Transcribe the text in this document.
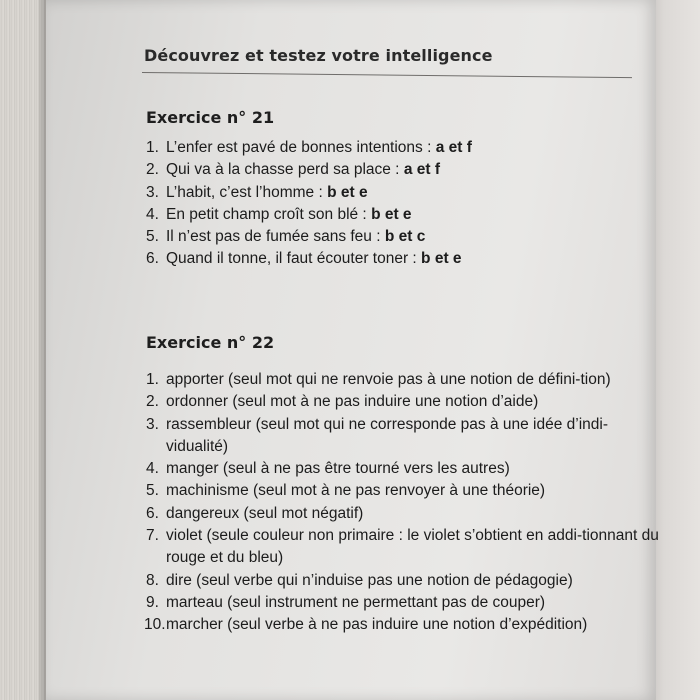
Découvrez et testez votre intelligence
Exercice n° 21
1. L’enfer est pavé de bonnes intentions : a et f
2. Qui va à la chasse perd sa place : a et f
3. L’habit, c’est l’homme : b et e
4. En petit champ croît son blé : b et e
5. Il n’est pas de fumée sans feu : b et c
6. Quand il tonne, il faut écouter toner : b et e
Exercice n° 22
1. apporter (seul mot qui ne renvoie pas à une notion de défini-tion)
2. ordonner (seul mot à ne pas induire une notion d’aide)
3. rassembleur (seul mot qui ne corresponde pas à une idée d’indi-vidualité)
4. manger (seul à ne pas être tourné vers les autres)
5. machinisme (seul mot à ne pas renvoyer à une théorie)
6. dangereux (seul mot négatif)
7. violet (seule couleur non primaire : le violet s’obtient en addi-tionnant du rouge et du bleu)
8. dire (seul verbe qui n’induise pas une notion de pédagogie)
9. marteau (seul instrument ne permettant pas de couper)
10. marcher (seul verbe à ne pas induire une notion d’expédition)
